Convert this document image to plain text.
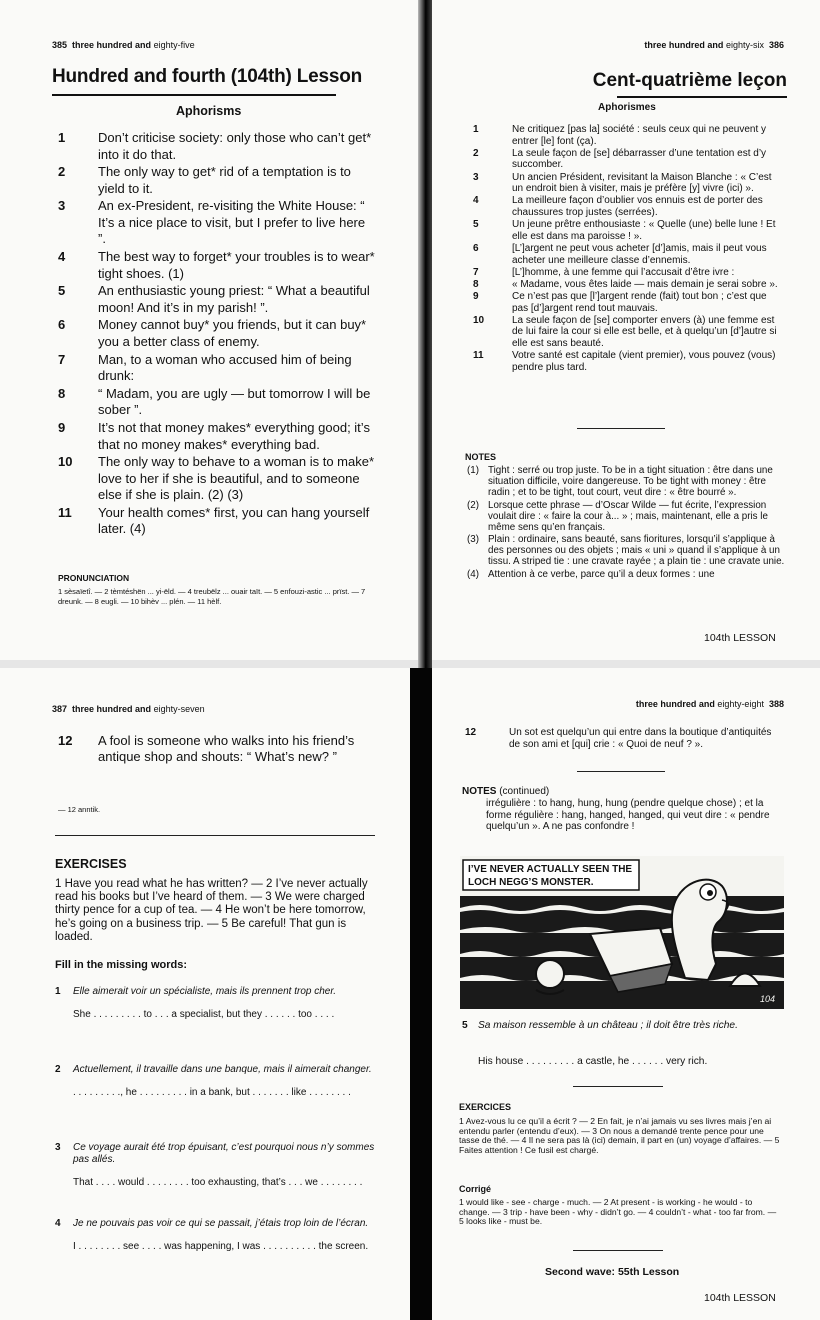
385 three hundred and eighty-five
Hundred and fourth (104th) Lesson
Aphorisms
1	Don’t criticise society: only those who can’t get* into it do that.
2	The only way to get* rid of a temptation is to yield to it.
3	An ex-President, re-visiting the White House: “ It’s a nice place to visit, but I prefer to live here ”.
4	The best way to forget* your troubles is to wear* tight shoes. (1)
5	An enthusiastic young priest: “ What a beautiful moon! And it’s in my parish! ”.
6	Money cannot buy* you friends, but it can buy* you a better class of enemy.
7	Man, to a woman who accused him of being drunk:
8	“ Madam, you are ugly — but tomorrow I will be sober ”.
9	It’s not that money makes* everything good; it’s that no money makes* everything bad.
10 The only way to behave to a woman is to make* love to her if she is beautiful, and to someone else if she is plain. (2) (3)
11 Your health comes* first, you can hang yourself later. (4)
PRONUNCIATION
1 sèsaïetî. — 2 tèmtéshën ... yi-ëld. — 4 treubëlz ... ouair taït. — 5 enfouzi-astic ... prïst. — 7 dreunk. — 8 eugli. — 10 bihèv ... plén. — 11 hèlf.
three hundred and eighty-six 386
Cent-quatrième leçon
Aphorismes
1	Ne critiquez [pas la] société : seuls ceux qui ne peuvent y entrer [le] font (ça).
2	La seule façon de [se] débarrasser d’une tentation est d’y succomber.
3	Un ancien Président, revisitant la Maison Blanche : « C’est un endroit bien à visiter, mais je préfère [y] vivre (ici) ».
4	La meilleure façon d’oublier vos ennuis est de porter des chaussures trop justes (serrées).
5	Un jeune prêtre enthousiaste : « Quelle (une) belle lune ! Et elle est dans ma paroisse ! ».
6	[L’]argent ne peut vous acheter [d’]amis, mais il peut vous acheter une meilleure classe d’ennemis.
7	[L’]homme, à une femme qui l’accusait d’être ivre :
8	« Madame, vous êtes laide — mais demain je serai sobre ».
9	Ce n’est pas que [l’]argent rende (fait) tout bon ; c’est que pas [d’]argent rend tout mauvais.
10	La seule façon de [se] comporter envers (à) une femme est de lui faire la cour si elle est belle, et à quelqu’un [d’]autre si elle est sans beauté.
11	Votre santé est capitale (vient premier), vous pouvez (vous) pendre plus tard.
NOTES
(1) Tight : serré ou trop juste. To be in a tight situation : être dans une situation difficile, voire dangereuse. To be tight with money : être radin ; et to be tight, tout court, veut dire : « être bourré ».
(2) Lorsque cette phrase — d’Oscar Wilde — fut écrite, l’expression voulait dire : « faire la cour à... » ; mais, maintenant, elle a pris le même sens qu’en français.
(3) Plain : ordinaire, sans beauté, sans fioritures, lorsqu’il s’applique à des personnes ou des objets ; mais « uni » quand il s’applique à un tissu. A striped tie : une cravate rayée ; a plain tie : une cravate unie.
(4) Attention à ce verbe, parce qu’il a deux formes : une
104th LESSON
387 three hundred and eighty-seven
12 A fool is someone who walks into his friend’s antique shop and shouts: “ What’s new? ”
— 12 anntik.
EXERCISES
1 Have you read what he has written? — 2 I’ve never actually read his books but I’ve heard of them. — 3 We were charged thirty pence for a cup of tea. — 4 He won’t be here tomorrow, he’s going on a business trip. — 5 Be careful! That gun is loaded.
Fill in the missing words:
1	Elle aimerait voir un spécialiste, mais ils prennent trop cher.
She . . . . . . . . . to . . . a specialist, but they . . . . . . too . . . .
2	Actuellement, il travaille dans une banque, mais il aimerait changer.
. . . . . . . . ., he . . . . . . . . . in a bank, but . . . . . . . like . . . . . . . .
3	Ce voyage aurait été trop épuisant, c’est pourquoi nous n’y sommes pas allés.
That . . . . would . . . . . . . . too exhausting, that’s . . . we . . . . . . . .
4	Je ne pouvais pas voir ce qui se passait, j’étais trop loin de l’écran.
I . . . . . . . . see . . . . was happening, I was . . . . . . . . . . the screen.
three hundred and eighty-eight 388
12	Un sot est quelqu’un qui entre dans la boutique d’antiquités de son ami et [qui] crie : « Quoi de neuf ? ».
NOTES (continued)
irrégulière : to hang, hung, hung (pendre quelque chose) ; et la forme régulière : hang, hanged, hanged, qui veut dire : « pendre quelqu’un ». A ne pas confondre !
I’VE NEVER ACTUALLY SEEN THE
LOCH NEGG’S MONSTER.
104
5	Sa maison ressemble à un château ; il doit être très riche.
His house . . . . . . . . . a castle, he . . . . . . very rich.
EXERCICES
1 Avez-vous lu ce qu’il a écrit ? — 2 En fait, je n’ai jamais vu ses livres mais j’en ai entendu parler (entendu d’eux). — 3 On nous a demandé trente pence pour une tasse de thé. — 4 Il ne sera pas là (ici) demain, il part en (un) voyage d’affaires. — 5 Faites attention ! Ce fusil est chargé.
Corrigé
1 would like - see - charge - much. — 2 At present - is working - he would - to change. — 3 trip - have been - why - didn’t go. — 4 couldn’t - what - too far from. — 5 looks like - must be.
Second wave: 55th Lesson
104th LESSON
